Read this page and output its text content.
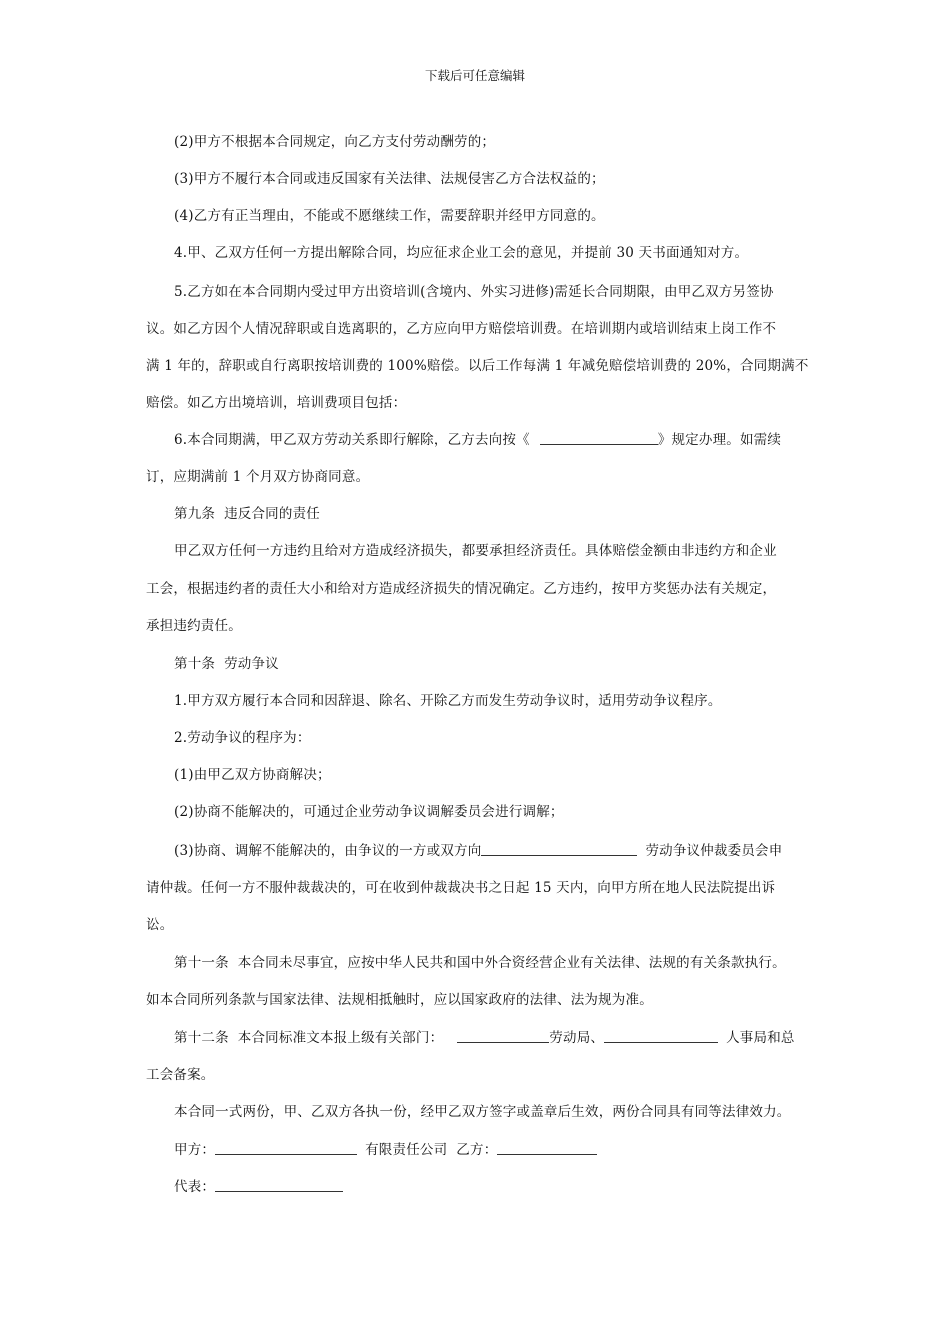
下载后可任意编辑
(2)甲方不根据本合同规定，向乙方支付劳动酬劳的；
(3)甲方不履行本合同或违反国家有关法律、法规侵害乙方合法权益的；
(4)乙方有正当理由，不能或不愿继续工作，需要辞职并经甲方同意的。
4.甲、乙双方任何一方提出解除合同，均应征求企业工会的意见，并提前 30 天书面通知对方。
5.乙方如在本合同期内受过甲方出资培训(含境内、外实习进修)需延长合同期限，由甲乙双方另签协
议。如乙方因个人情况辞职或自选离职的，乙方应向甲方赔偿培训费。在培训期内或培训结束上岗工作不
满 1 年的，辞职或自行离职按培训费的 100%赔偿。以后工作每满 1 年减免赔偿培训费的 20%，合同期满不
赔偿。如乙方出境培训，培训费项目包括：
6.本合同期满，甲乙双方劳动关系即行解除，乙方去向按《	》规定办理。如需续
订，应期满前 1 个月双方协商同意。
第九条  违反合同的责任
甲乙双方任何一方违约且给对方造成经济损失，都要承担经济责任。具体赔偿金额由非违约方和企业
工会，根据违约者的责任大小和给对方造成经济损失的情况确定。乙方违约，按甲方奖惩办法有关规定，
承担违约责任。
第十条  劳动争议
1.甲方双方履行本合同和因辞退、除名、开除乙方而发生劳动争议时，适用劳动争议程序。
2.劳动争议的程序为：
(1)由甲乙双方协商解决；
(2)协商不能解决的，可通过企业劳动争议调解委员会进行调解；
(3)协商、调解不能解决的，由争议的一方或双方向	劳动争议仲裁委员会申
请仲裁。任何一方不服仲裁裁决的，可在收到仲裁裁决书之日起 15 天内，向甲方所在地人民法院提出诉
讼。
第十一条  本合同未尽事宜，应按中华人民共和国中外合资经营企业有关法律、法规的有关条款执行。
如本合同所列条款与国家法律、法规相抵触时，应以国家政府的法律、法为规为准。
第十二条  本合同标准文本报上级有关部门：	劳动局、	人事局和总
工会备案。
本合同一式两份，甲、乙双方各执一份，经甲乙双方签字或盖章后生效，两份合同具有同等法律效力。
甲方：	有限责任公司  乙方：
代表：
